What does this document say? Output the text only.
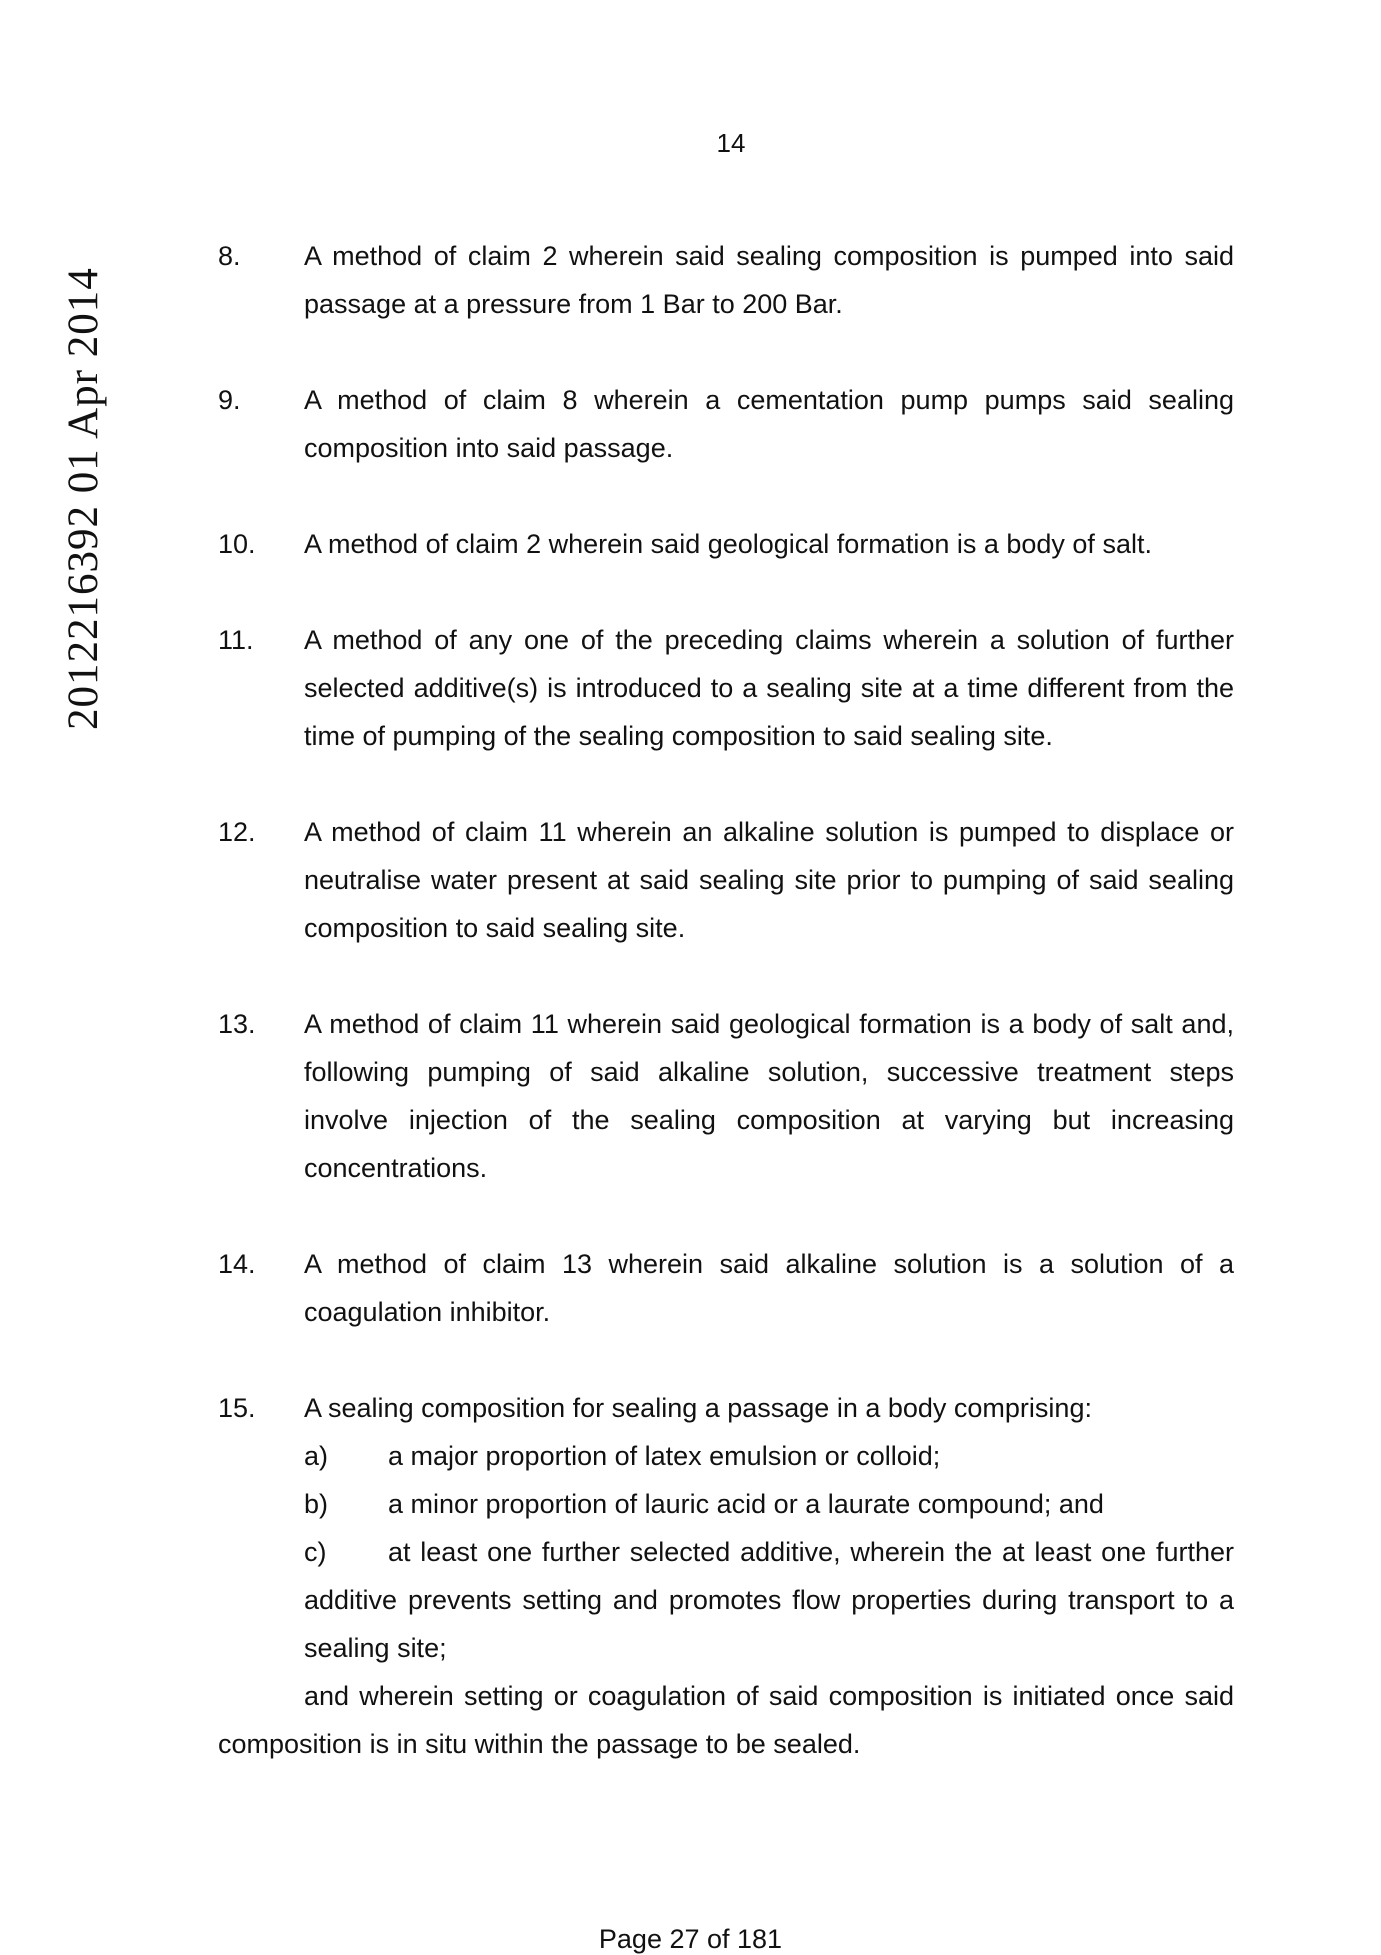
14
2012216392 01 Apr 2014
8.	A method of claim 2 wherein said sealing composition is pumped into said passage at a pressure from 1 Bar to 200 Bar.
9.	A method of claim 8 wherein a cementation pump pumps said sealing composition into said passage.
10.	A method of claim 2 wherein said geological formation is a body of salt.
11.	A method of any one of the preceding claims wherein a solution of further selected additive(s) is introduced to a sealing site at a time different from the time of pumping of the sealing composition to said sealing site.
12.	A method of claim 11 wherein an alkaline solution is pumped to displace or neutralise water present at said sealing site prior to pumping of said sealing composition to said sealing site.
13.	A method of claim 11 wherein said geological formation is a body of salt and, following pumping of said alkaline solution, successive treatment steps involve injection of the sealing composition at varying but increasing concentrations.
14.	A method of claim 13 wherein said alkaline solution is a solution of a coagulation inhibitor.
15.	A sealing composition for sealing a passage in a body comprising:
a)	a major proportion of latex emulsion or colloid;
b)	a minor proportion of lauric acid or a laurate compound; and
c) at least one further selected additive, wherein the at least one further additive prevents setting and promotes flow properties during transport to a sealing site;
and wherein setting or coagulation of said composition is initiated once said composition is in situ within the passage to be sealed.
Page 27 of 181
